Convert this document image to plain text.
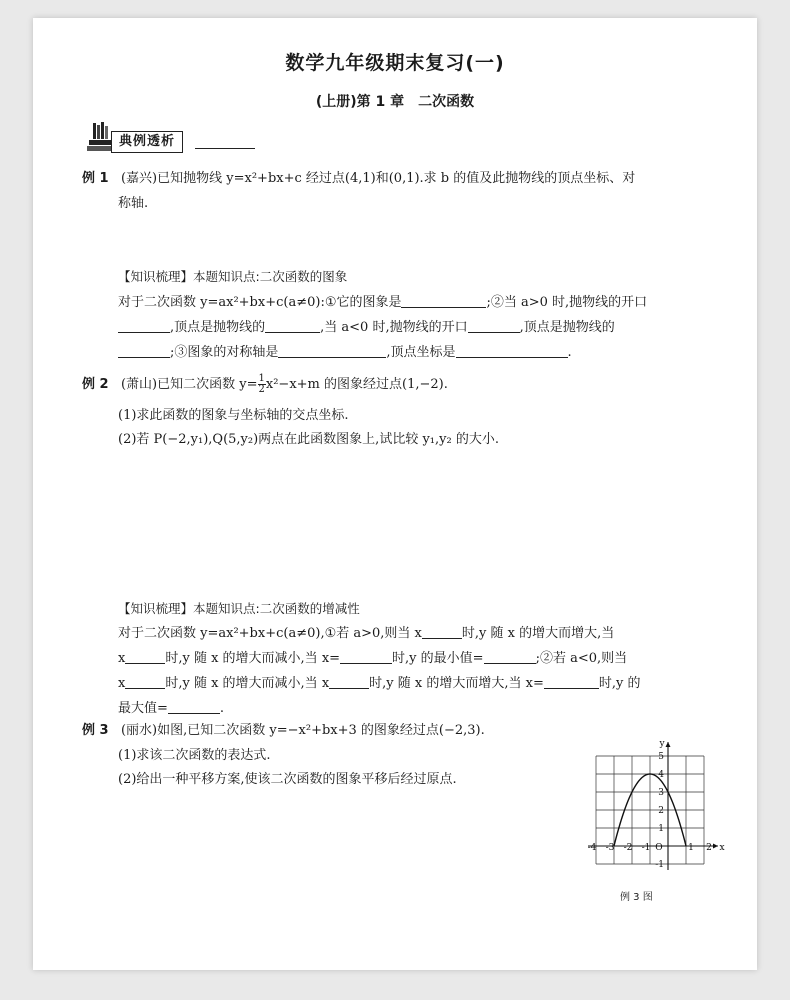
数学九年级期末复习(一)
(上册)第 1 章　二次函数
典例透析
例 1 (嘉兴)已知抛物线 y=x²+bx+c 经过点(4,1)和(0,1).求 b 的值及此抛物线的顶点坐标、对
称轴.
【知识梳理】本题知识点:二次函数的图象
对于二次函数 y=ax²+bx+c(a≠0):①它的图象是	;②当 a>0 时,抛物线的开口
,顶点是抛物线的	,当 a<0 时,抛物线的开口	,顶点是抛物线的
;③图象的对称轴是	,顶点坐标是	.
例 2 (萧山)已知二次函数 $y= \frac{1}{2} x^2-x+m$ 的图象经过点(1,−2).
(1)求此函数的图象与坐标轴的交点坐标.
(2)若 P(−2,y₁),Q(5,y₂)两点在此函数图象上,试比较 y₁,y₂ 的大小.
【知识梳理】本题知识点:二次函数的增减性
对于二次函数 y=ax²+bx+c(a≠0),①若 a>0,则当 x	时,y 随 x 的增大而增大,当
x	时,y 随 x 的增大而减小,当 x=	时,y 的最小值=	;②若 a<0,则当
x	时,y 随 x 的增大而减小,当 x	时,y 随 x 的增大而增大,当 x=	时,y 的
最大值=	.
例 3 (丽水)如图,已知二次函数 y=−x²+bx+3 的图象经过点(−2,3).
(1)求该二次函数的表达式.
(2)给出一种平移方案,使该二次函数的图象平移后经过原点.
-4 -3 -2 -1	1 2
5
4
3
2
1
-1
O	x
y
例 3 图
